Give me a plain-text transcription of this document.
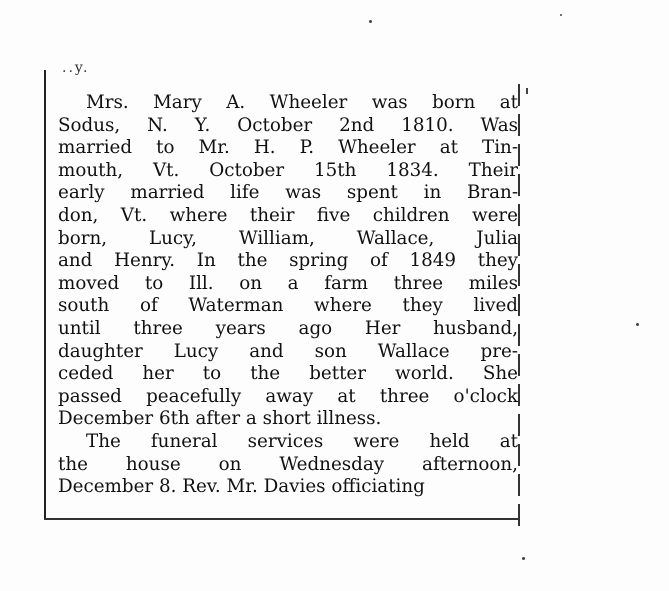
..y.
Mrs. Mary A. Wheeler was born at
Sodus, N. Y. October 2nd 1810. Was
married to Mr. H. P. Wheeler at Tin-
mouth, Vt. October 15th 1834. Their
early married life was spent in Bran-
don, Vt. where their five children were
born, Lucy, William, Wallace, Julia
and Henry. In the spring of 1849 they
moved to Ill. on a farm three miles
south of Waterman where they lived
until three years ago Her husband,
daughter Lucy and son Wallace pre-
ceded her to the better world. She
passed peacefully away at three o'clock
December 6th after a short illness.
The funeral services were held at
the house on Wednesday afternoon,
December 8. Rev. Mr. Davies officiating
